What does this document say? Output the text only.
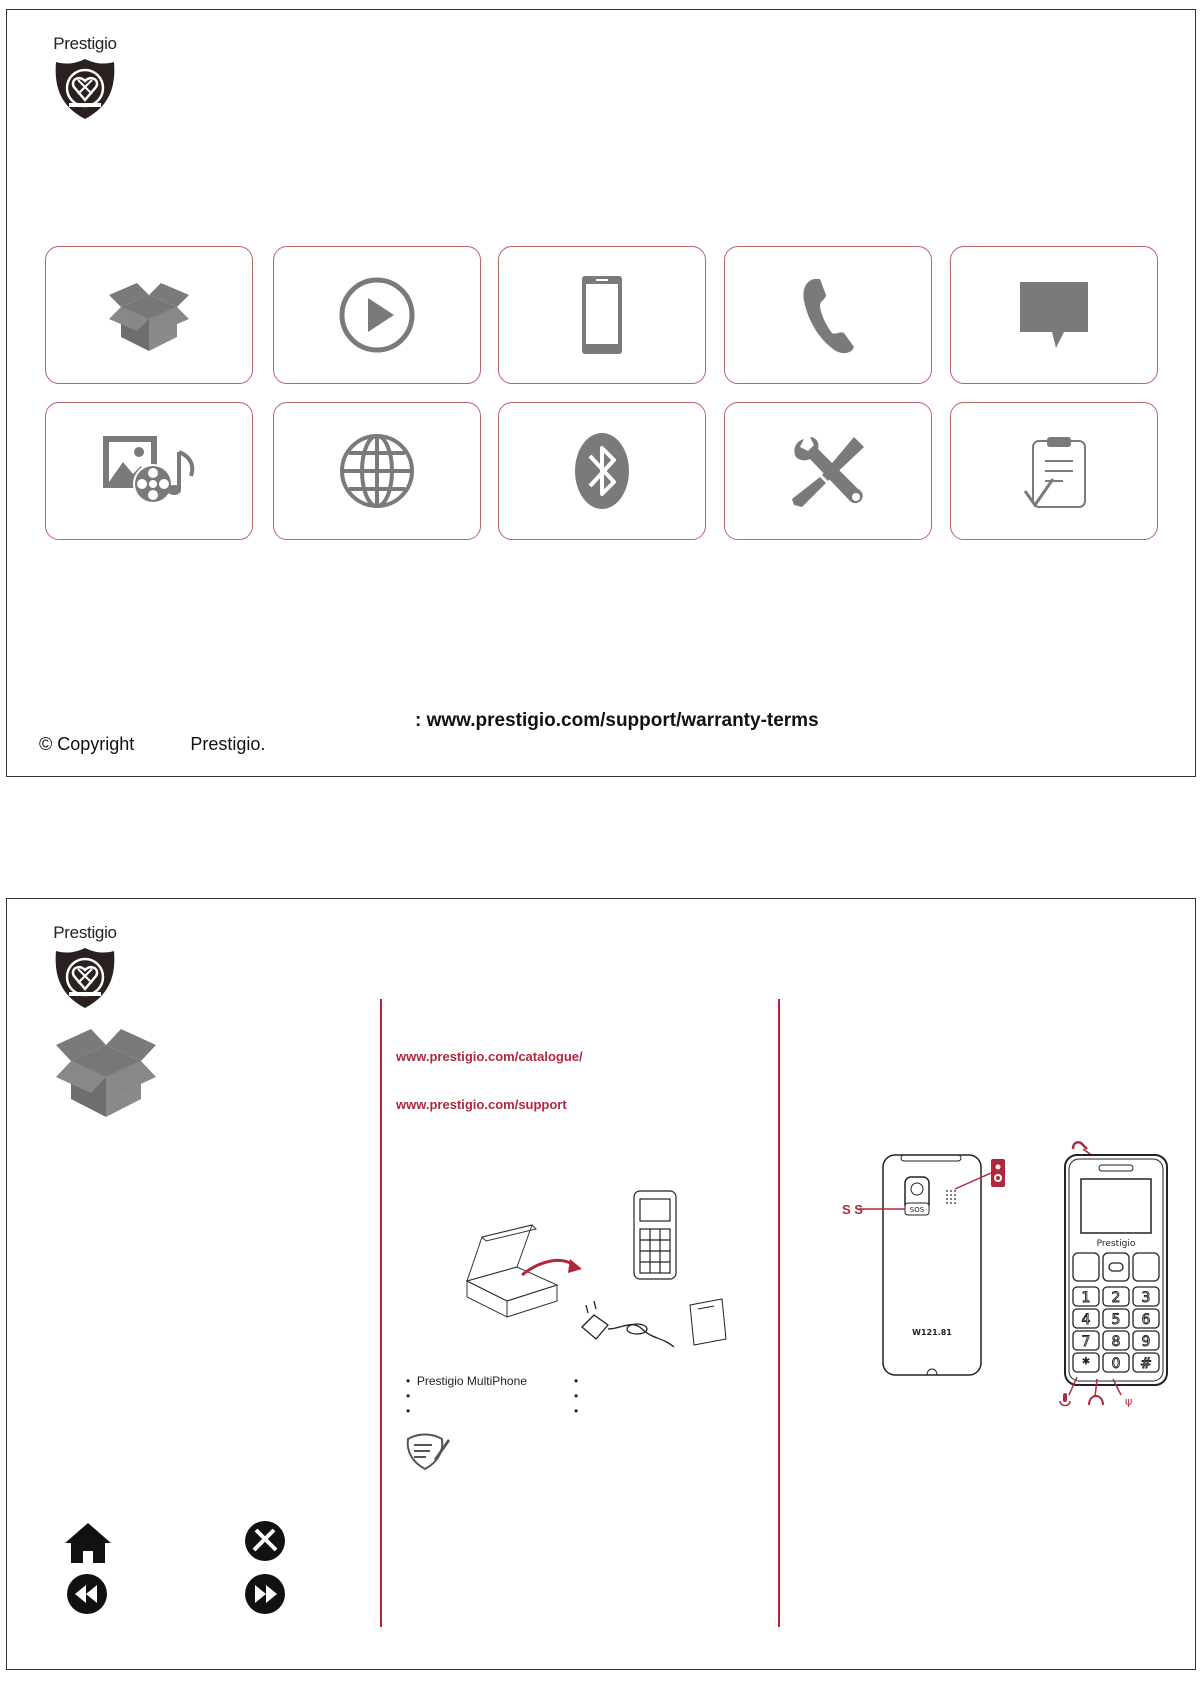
Prestigio
: www.prestigio.com/support/warranty-terms
© Copyright	Prestigio.
Prestigio
www.prestigio.com/catalogue/
www.prestigio.com/support
• Prestigio MultiPhone
•
•
•
•
•
SOS
W121.81
S S
Prestigio
1 2 3
4 5 6
7 8 9
* 0 #
ψ
